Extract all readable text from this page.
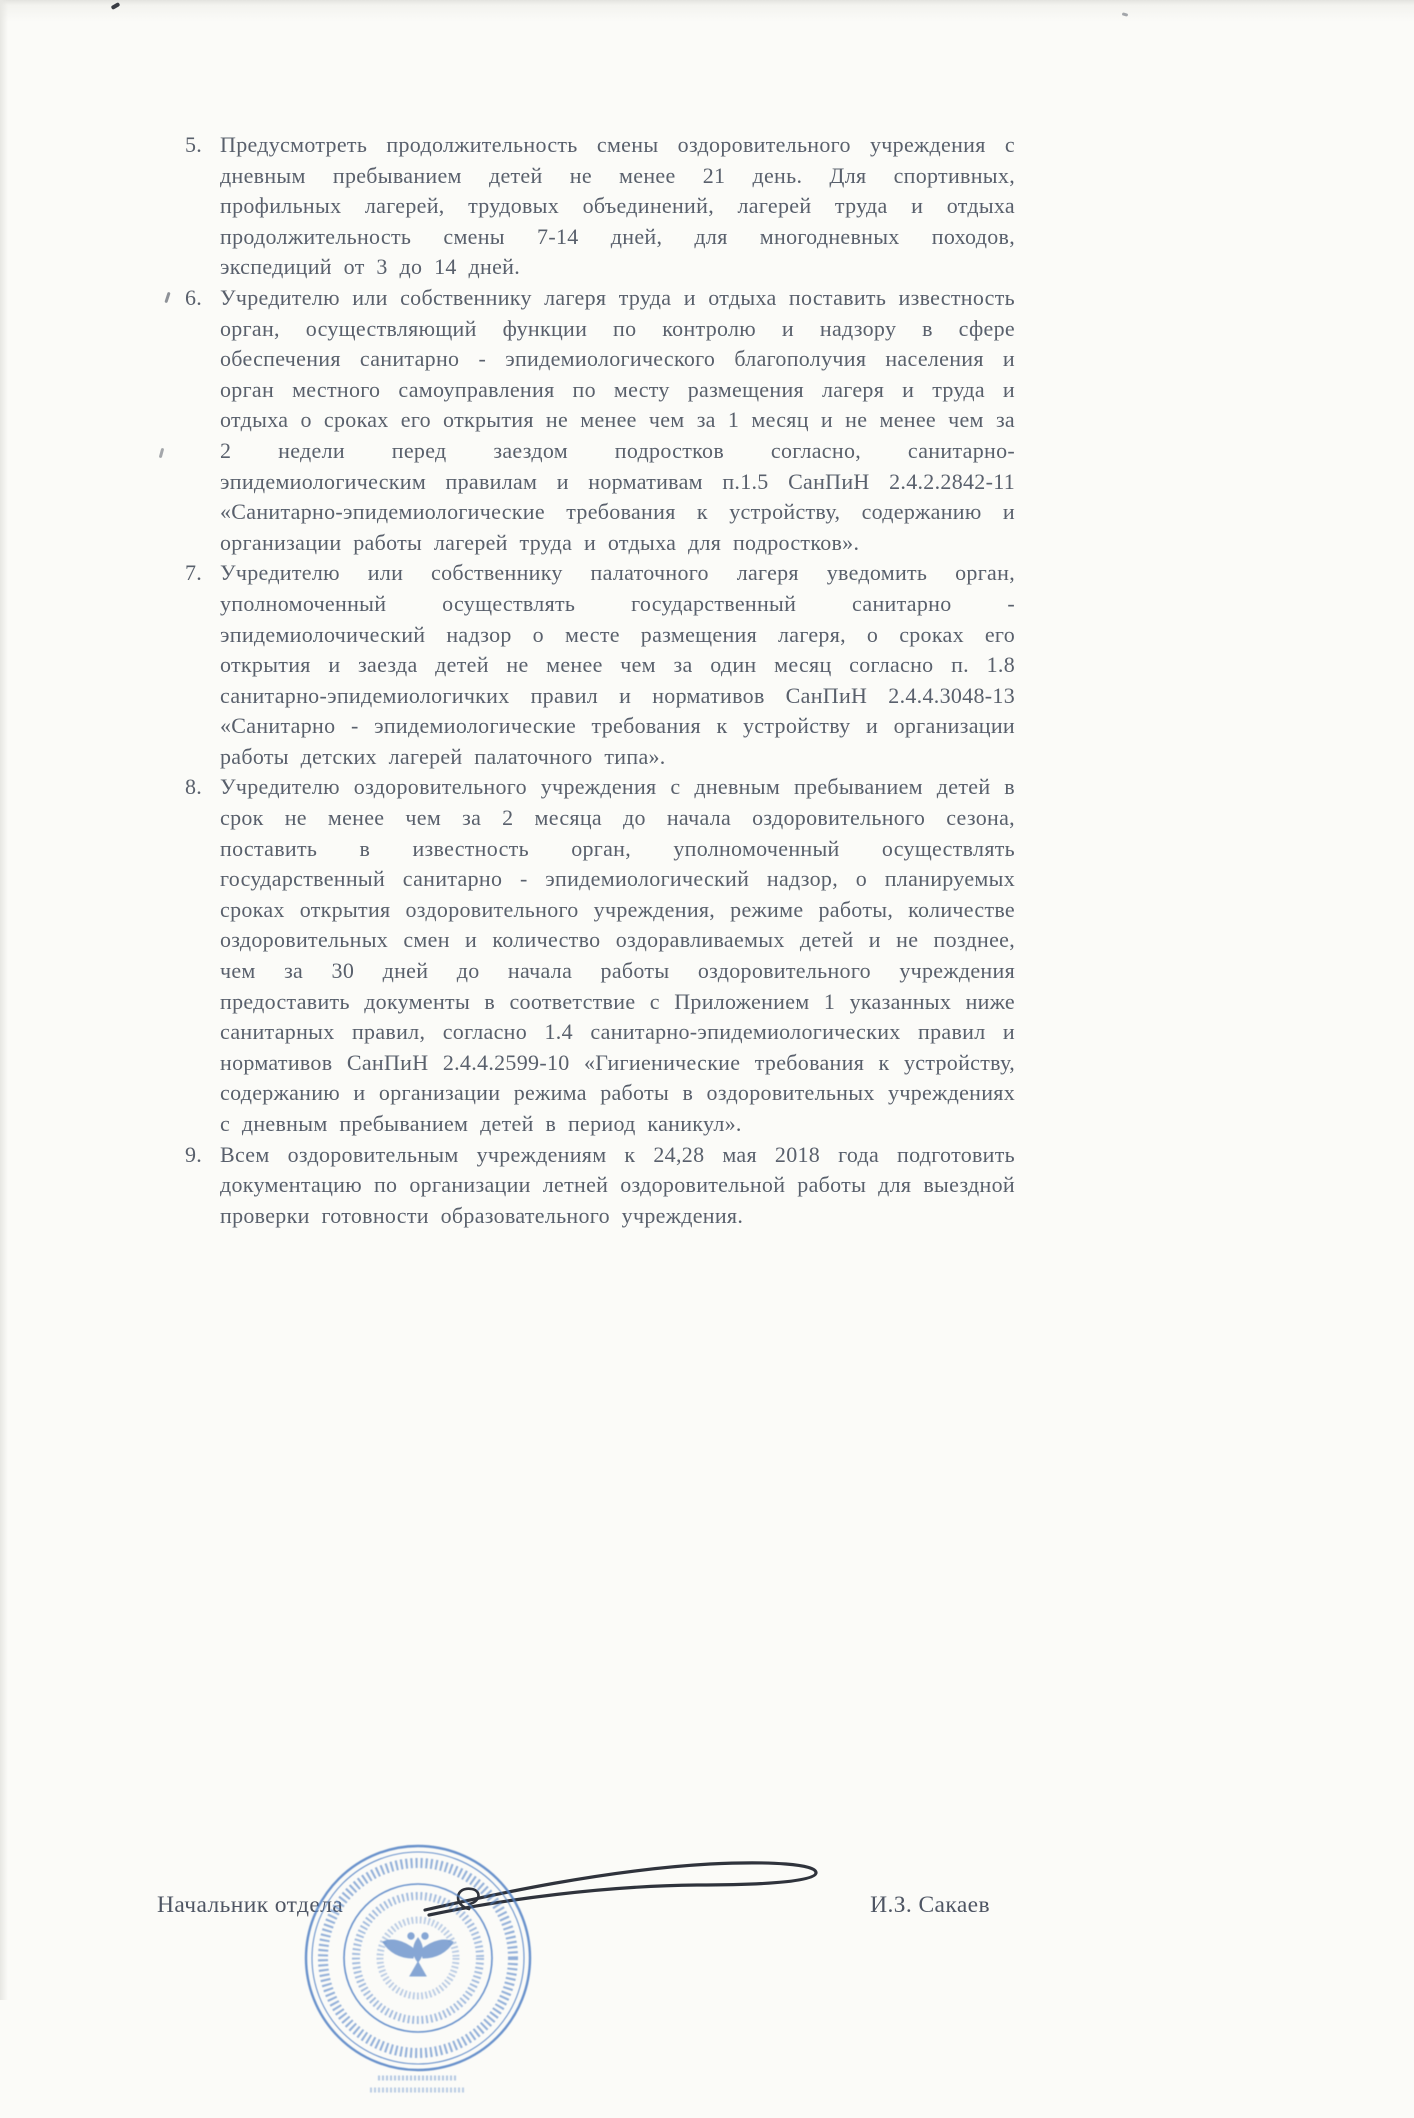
5. Предусмотреть продолжительность смены оздоровительного учреждения с дневным пребыванием детей не менее 21 день. Для спортивных, профильных лагерей, трудовых объединений, лагерей труда и отдыха продолжительность смены 7-14 дней, для многодневных походов, экспедиций от 3 до 14 дней.
6. Учредителю или собственнику лагеря труда и отдыха поставить известность орган, осуществляющий функции по контролю и надзору в сфере обеспечения санитарно - эпидемиологического благополучия населения и орган местного самоуправления по месту размещения лагеря и труда и отдыха о сроках его открытия не менее чем за 1 месяц и не менее чем за 2 недели перед заездом подростков согласно, санитарно- эпидемиологическим правилам и нормативам п.1.5 СанПиН 2.4.2.2842-11 «Санитарно-эпидемиологические требования к устройству, содержанию и организации работы лагерей труда и отдыха для подростков».
7. Учредителю или собственнику палаточного лагеря уведомить орган, уполномоченный осуществлять государственный санитарно - эпидемиолочический надзор о месте размещения лагеря, о сроках его открытия и заезда детей не менее чем за один месяц согласно п. 1.8 санитарно-эпидемиологичких правил и нормативов СанПиН 2.4.4.3048-13 «Санитарно - эпидемиологические требования к устройству и организации работы детских лагерей палаточного типа».
8. Учредителю оздоровительного учреждения с дневным пребыванием детей в срок не менее чем за 2 месяца до начала оздоровительного сезона, поставить в известность орган, уполномоченный осуществлять государственный санитарно - эпидемиологический надзор, о планируемых сроках открытия оздоровительного учреждения, режиме работы, количестве оздоровительных смен и количество оздоравливаемых детей и не позднее, чем за 30 дней до начала работы оздоровительного учреждения предоставить документы в соответствие с Приложением 1 указанных ниже санитарных правил, согласно 1.4 санитарно-эпидемиологических правил и нормативов СанПиН 2.4.4.2599-10 «Гигиенические требования к устройству, содержанию и организации режима работы в оздоровительных учреждениях с дневным пребыванием детей в период каникул».
9. Всем оздоровительным учреждениям к 24,28 мая 2018 года подготовить документацию по организации летней оздоровительной работы для выездной проверки готовности образовательного учреждения.
Начальник отдела	И.З. Сакаев
